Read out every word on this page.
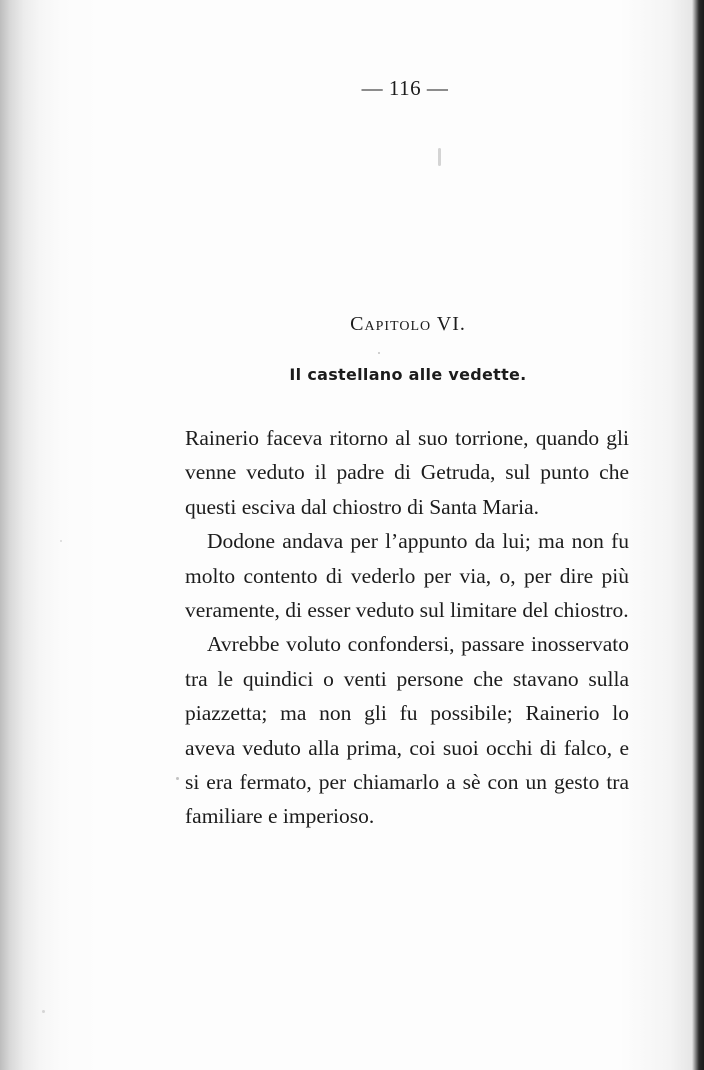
— 116 —
Capitolo VI.
Il castellano alle vedette.

Rainerio faceva ritorno al suo torrione, quando gli venne veduto il padre di Getruda, sul punto che questi esciva dal chiostro di Santa Maria.

Dodone andava per l’appunto da lui; ma non fu molto contento di vederlo per via, o, per dire più veramente, di esser veduto sul limitare del chiostro.

Avrebbe voluto confondersi, passare inosservato tra le quindici o venti persone che stavano sulla piazzetta; ma non gli fu possibile; Rainerio lo aveva veduto alla prima, coi suoi occhi di falco, e si era fermato, per chiamarlo a sè con un gesto tra familiare e imperioso.
